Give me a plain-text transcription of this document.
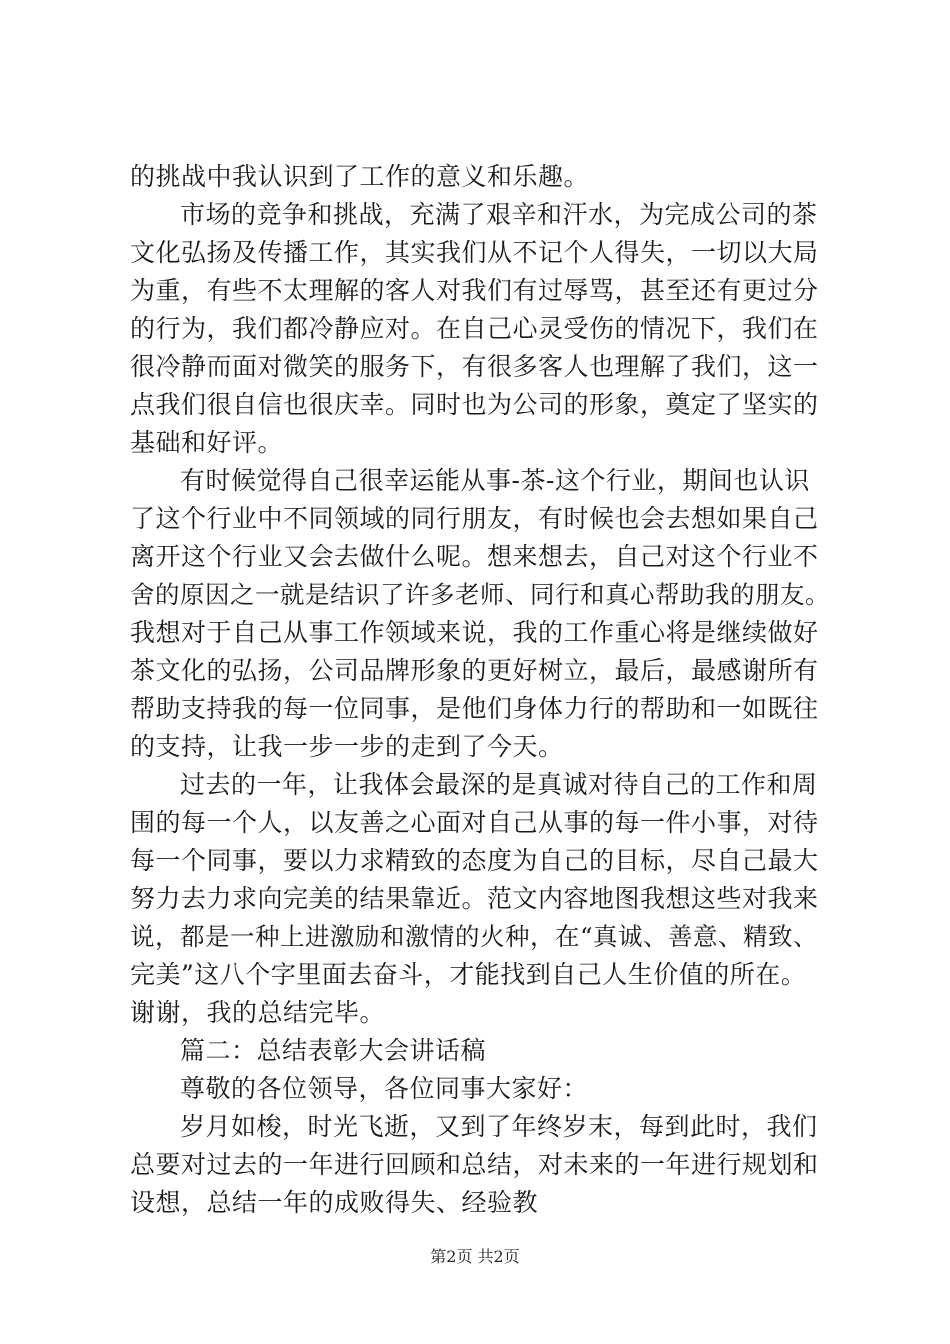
的挑战中我认识到了工作的意义和乐趣。
市场的竞争和挑战，充满了艰辛和汗水，为完成公司的茶
文化弘扬及传播工作，其实我们从不记个人得失，一切以大局
为重，有些不太理解的客人对我们有过辱骂，甚至还有更过分
的行为，我们都冷静应对。在自己心灵受伤的情况下，我们在
很冷静而面对微笑的服务下，有很多客人也理解了我们，这一
点我们很自信也很庆幸。同时也为公司的形象，奠定了坚实的
基础和好评。
有时候觉得自己很幸运能从事-茶-这个行业，期间也认识
了这个行业中不同领域的同行朋友，有时候也会去想如果自己
离开这个行业又会去做什么呢。想来想去，自己对这个行业不
舍的原因之一就是结识了许多老师、同行和真心帮助我的朋友。
我想对于自己从事工作领域来说，我的工作重心将是继续做好
茶文化的弘扬，公司品牌形象的更好树立，最后，最感谢所有
帮助支持我的每一位同事，是他们身体力行的帮助和一如既往
的支持，让我一步一步的走到了今天。
过去的一年，让我体会最深的是真诚对待自己的工作和周
围的每一个人，以友善之心面对自己从事的每一件小事，对待
每一个同事，要以力求精致的态度为自己的目标，尽自己最大
努力去力求向完美的结果靠近。范文内容地图我想这些对我来
说，都是一种上进激励和激情的火种，在“真诚、善意、精致、
完美”这八个字里面去奋斗，才能找到自己人生价值的所在。
谢谢，我的总结完毕。
篇二：总结表彰大会讲话稿
尊敬的各位领导，各位同事大家好：
岁月如梭，时光飞逝，又到了年终岁末，每到此时，我们
总要对过去的一年进行回顾和总结，对未来的一年进行规划和
设想，总结一年的成败得失、经验教
第2页 共2页
